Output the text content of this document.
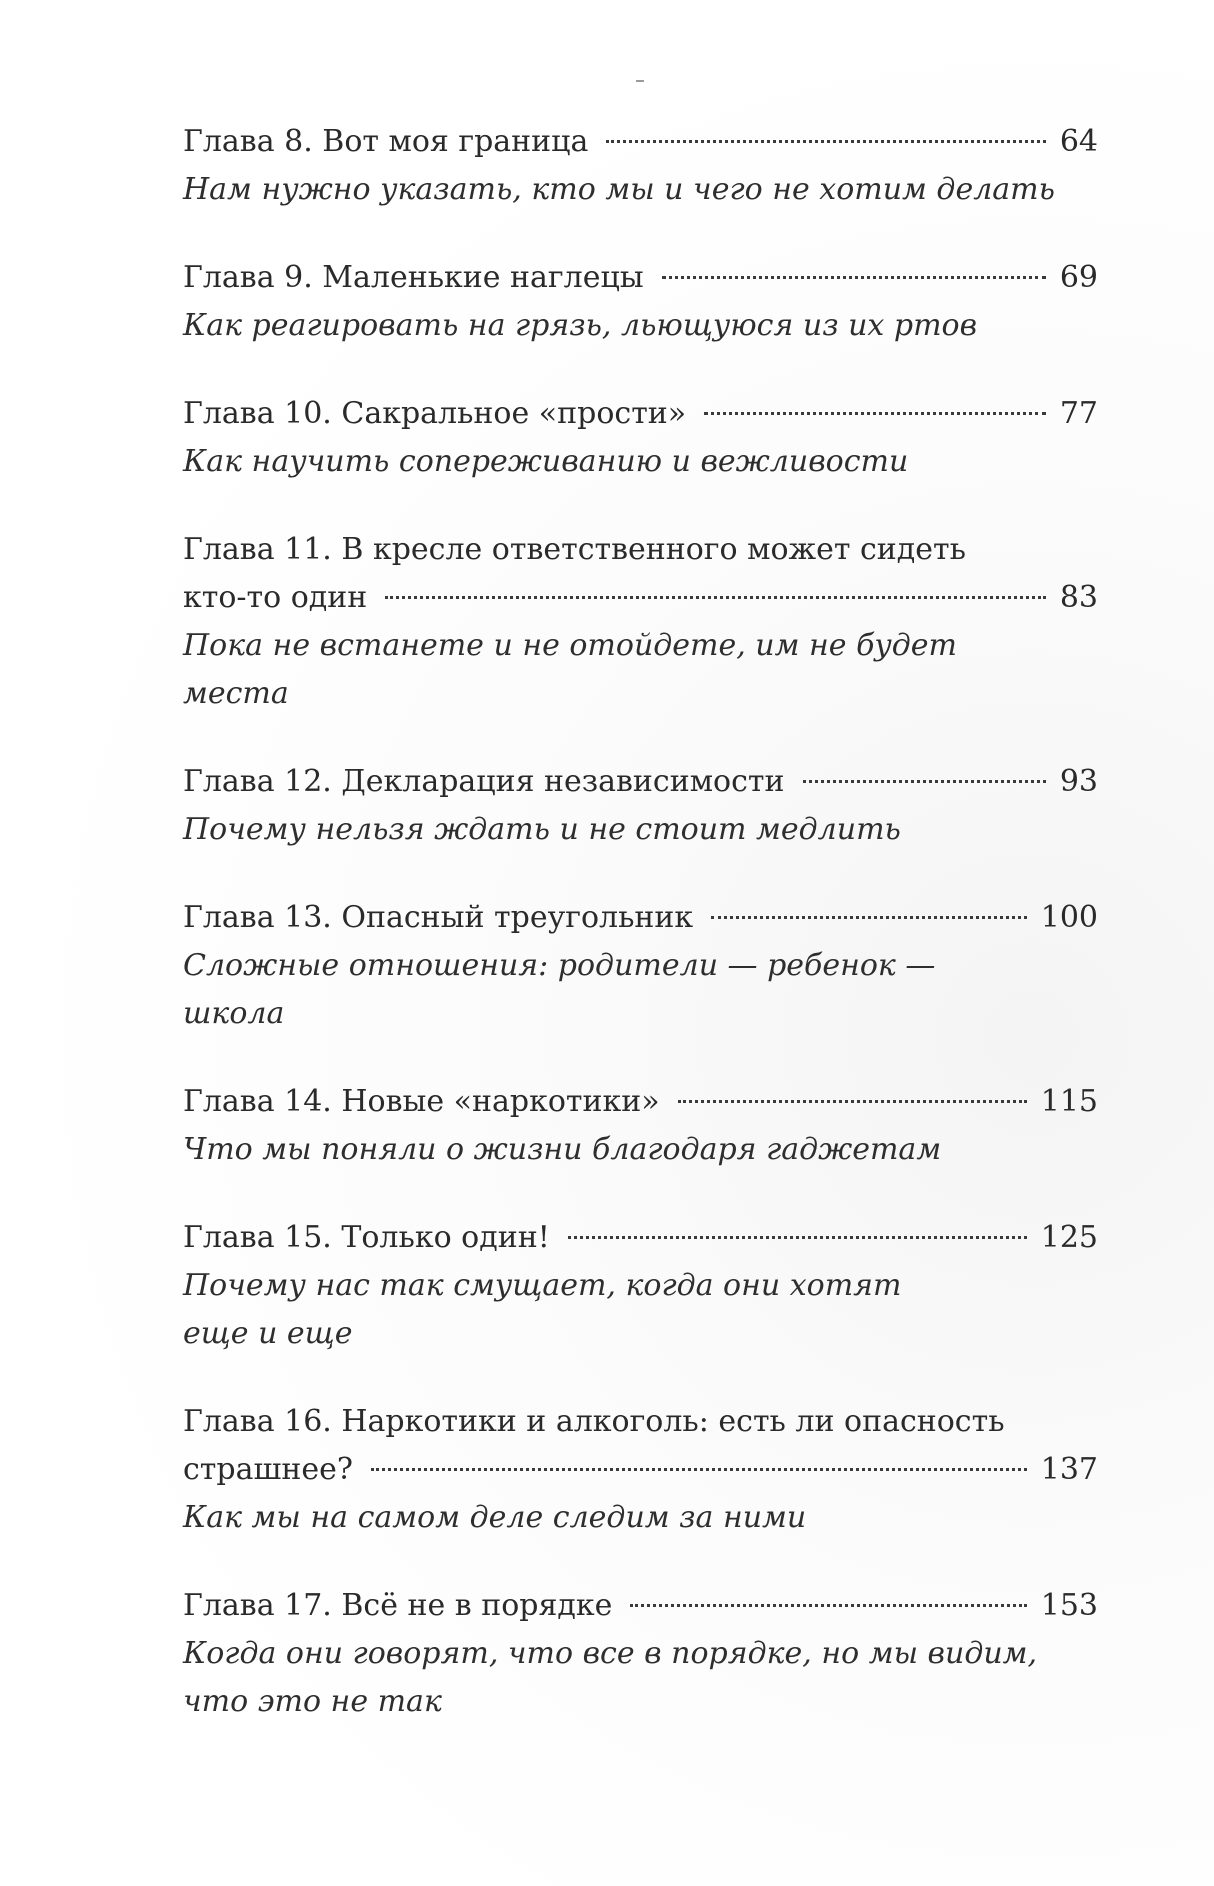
Глава 8. Вот моя граница	64
Нам нужно указать, кто мы и чего не хотим делать
Глава 9. Маленькие наглецы	69
Как реагировать на грязь, льющуюся из их ртов
Глава 10. Сакральное «прости»	77
Как научить сопереживанию и вежливости
Глава 11. В кресле ответственного может сидеть
кто-то один	83
Пока не встанете и не отойдете, им не будет
места
Глава 12. Декларация независимости	93
Почему нельзя ждать и не стоит медлить
Глава 13. Опасный треугольник	100
Сложные отношения: родители — ребенок —
школа
Глава 14. Новые «наркотики»	115
Что мы поняли о жизни благодаря гаджетам
Глава 15. Только один!	125
Почему нас так смущает, когда они хотят
еще и еще
Глава 16. Наркотики и алкоголь: есть ли опасность
страшнее?	137
Как мы на самом деле следим за ними
Глава 17. Всё не в порядке	153
Когда они говорят, что все в порядке, но мы видим,
что это не так
